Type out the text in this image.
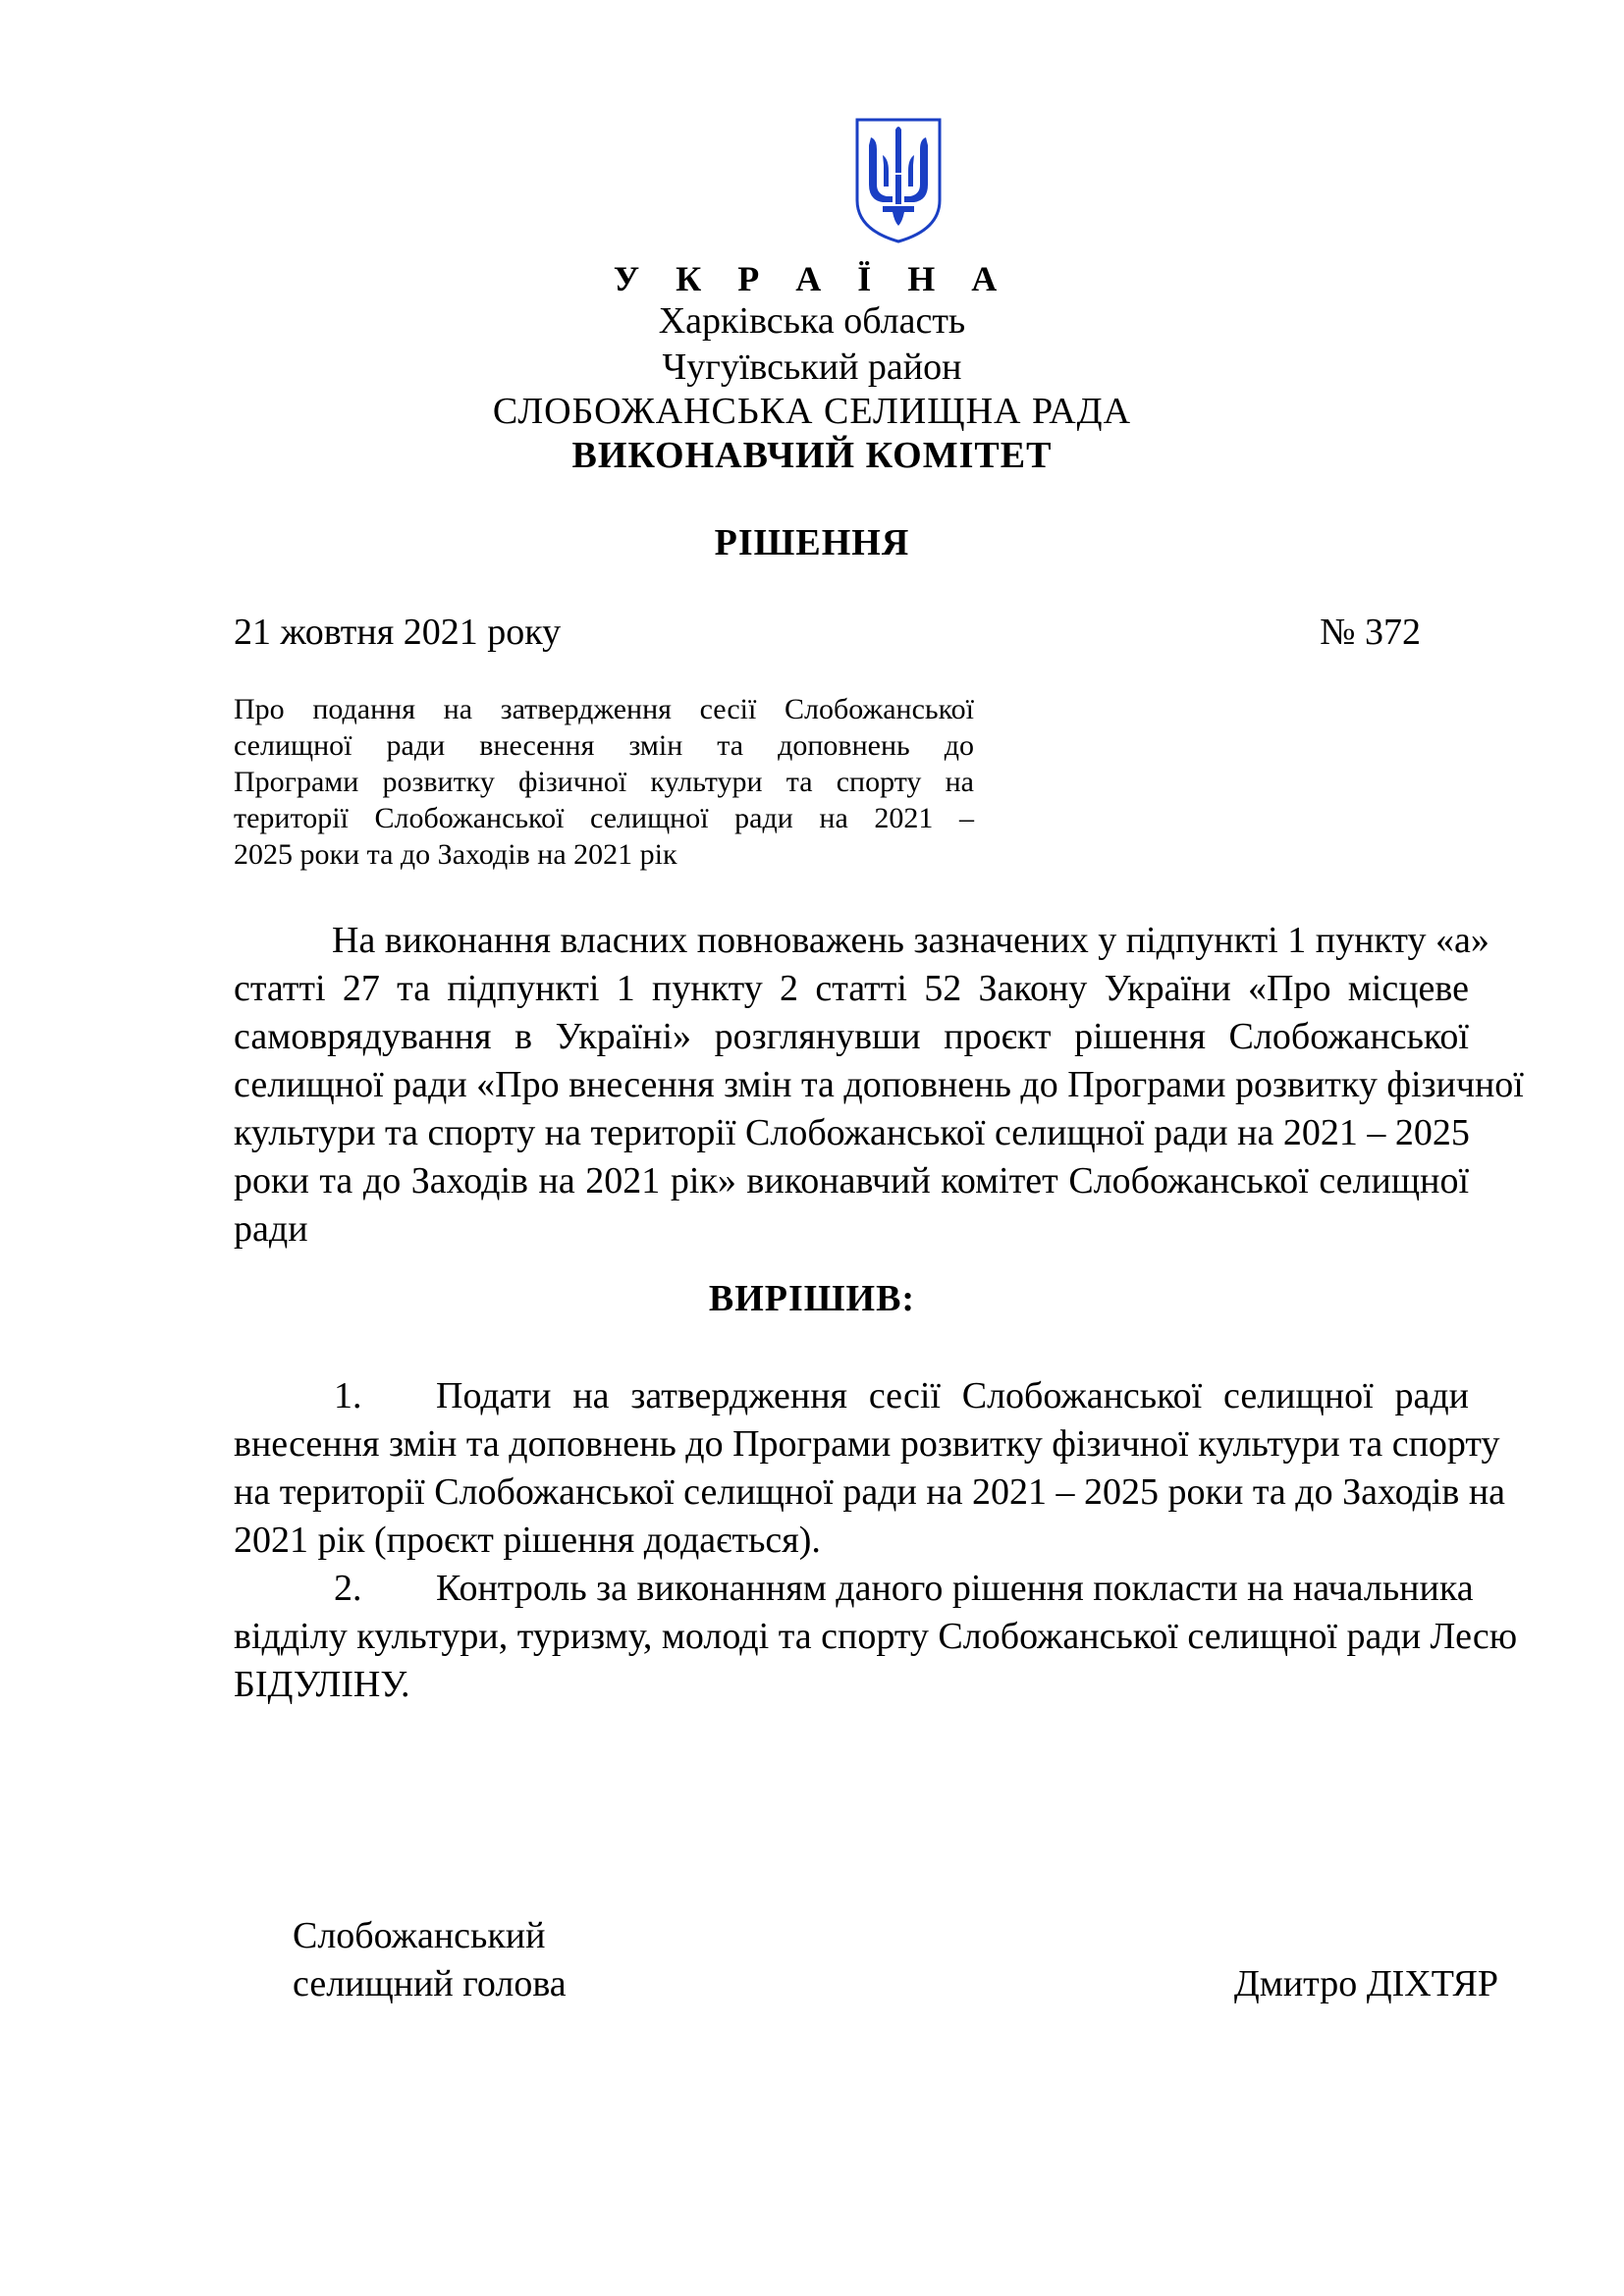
У К Р А Ї Н А
Харківська область
Чугуївський район
СЛОБОЖАНСЬКА СЕЛИЩНА РАДА
ВИКОНАВЧИЙ КОМІТЕТ
РІШЕННЯ
21 жовтня 2021 року	№ 372
Про подання на затвердження сесії Слобожанської
селищної ради внесення змін та доповнень до
Програми розвитку фізичної культури та спорту на
території Слобожанської селищної ради на 2021 –
2025 роки та до Заходів на 2021 рік
На виконання власних повноважень зазначених у підпункті 1 пункту «а»
статті 27 та підпункті 1 пункту 2 статті 52 Закону України «Про місцеве
самоврядування в Україні» розглянувши проєкт рішення Слобожанської
селищної ради «Про внесення змін та доповнень до Програми розвитку фізичної
культури та спорту на території Слобожанської селищної ради на 2021 – 2025
роки та до Заходів на 2021 рік» виконавчий комітет Слобожанської селищної
ради
ВИРІШИВ:
1. Подати на затвердження сесії Слобожанської селищної ради
внесення змін та доповнень до Програми розвитку фізичної культури та спорту
на території Слобожанської селищної ради на 2021 – 2025 роки та до Заходів на
2021 рік (проєкт рішення додається).
2. Контроль за виконанням даного рішення покласти на начальника
відділу культури, туризму, молоді та спорту Слобожанської селищної ради Лесю
БІДУЛІНУ.
Слобожанський
селищний голова	Дмитро ДІХТЯР
